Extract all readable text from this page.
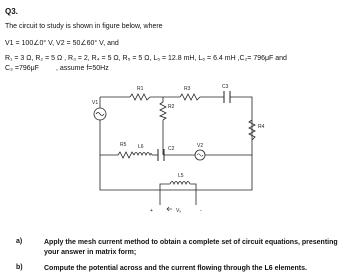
Q3.
The circuit to study is shown in figure below, where
V1 = 100∠0° V, V2 = 50∠60° V, and
R₁ = 3 Ω, R₂ = 5 Ω , R₃ = 2, R₄ = 5 Ω, R₅ = 5 Ω, L₅ = 12.8 mH, L₆ = 6.4 mH ,C₂= 796μF and
C₃ =796μF , assume f=50Hz
R1	R3	C3
R2
R4
V1
R5 L6	C2	V2
L5
Vₓ
+	-
a)	Apply the mesh current method to obtain a complete set of circuit equations, presenting your answer in matrix form;
b)	Compute the potential across and the current flowing through the L6 elements.
